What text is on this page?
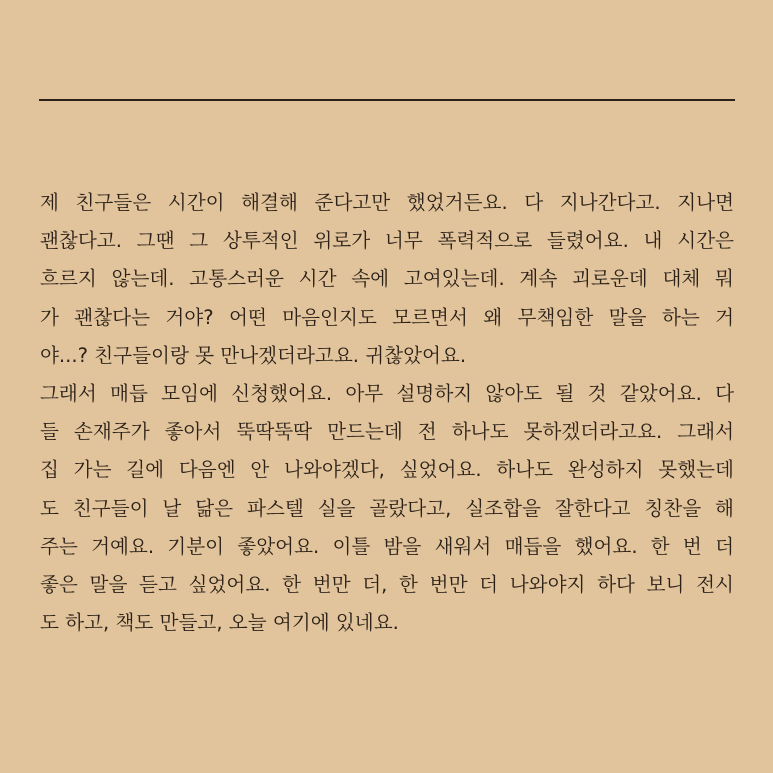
제 친구들은 시간이 해결해 준다고만 했었거든요. 다 지나간다고. 지나면
괜찮다고. 그땐 그 상투적인 위로가 너무 폭력적으로 들렸어요. 내 시간은
흐르지 않는데. 고통스러운 시간 속에 고여있는데. 계속 괴로운데 대체 뭐
가 괜찮다는 거야? 어떤 마음인지도 모르면서 왜 무책임한 말을 하는 거
야...? 친구들이랑 못 만나겠더라고요. 귀찮았어요.
그래서 매듭 모임에 신청했어요. 아무 설명하지 않아도 될 것 같았어요. 다
들 손재주가 좋아서 뚝딱뚝딱 만드는데 전 하나도 못하겠더라고요. 그래서
집 가는 길에 다음엔 안 나와야겠다, 싶었어요. 하나도 완성하지 못했는데
도 친구들이 날 닮은 파스텔 실을 골랐다고, 실조합을 잘한다고 칭찬을 해
주는 거예요. 기분이 좋았어요. 이틀 밤을 새워서 매듭을 했어요. 한 번 더
좋은 말을 듣고 싶었어요. 한 번만 더, 한 번만 더 나와야지 하다 보니 전시
도 하고, 책도 만들고, 오늘 여기에 있네요.
